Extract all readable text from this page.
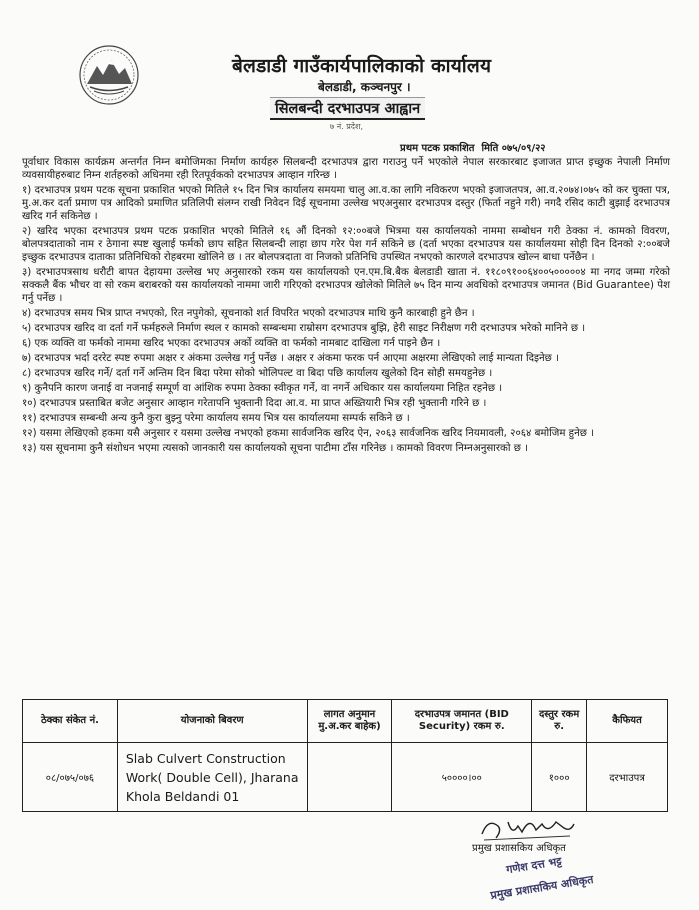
बेलडाडी गाउँकार्यपालिकाको कार्यालय
बेलडाडी, कञ्चनपुर ।
सिलबन्दी दरभाउपत्र आह्वान
७ नं. प्रदेश,
प्रथम पटक प्रकाशित मिति ०७५/०९/२२

पूर्वाधार विकास कार्यक्रम अन्तर्गत निम्न बमोजिमका निर्माण कार्यहरु सिलबन्दी दरभाउपत्र द्वारा गराउनु पर्ने भएकोले नेपाल सरकारबाट इजाजत प्राप्त इच्छुक नेपाली निर्माण व्यवसायीहरुबाट निम्न शर्तहरुको अधिनमा रही रितपूर्वकको दरभाउपत्र आव्हान गरिन्छ ।

१) दरभाउपत्र प्रथम पटक सूचना प्रकाशित भएको मितिले १५ दिन भित्र कार्यालय समयमा चालु आ.व.का लागि नविकरण भएको इजाजतपत्र, आ.व.२०७४।०७५ को कर चुक्ता पत्र, मु.अ.कर दर्ता प्रमाण पत्र आदिको प्रमाणित प्रतिलिपी संलग्न राखी निवेदन दिई सूचनामा उल्लेख भएअनुसार दरभाउपत्र दस्तुर (फिर्ता नहुने गरी) नगदै रसिद काटी बुझाई दरभाउपत्र खरिद गर्न सकिनेछ ।

२) खरिद भएका दरभाउपत्र प्रथम पटक प्रकाशित भएको मितिले १६ औं दिनको १२:००बजे भित्रमा यस कार्यालयको नाममा सम्बोधन गरी ठेक्का नं. कामको विवरण, बोलपत्रदाताको नाम र ठेगाना स्पष्ट खुलाई फर्मको छाप सहित सिलबन्दी लाहा छाप गरेर पेश गर्न सकिने छ (दर्ता भएका दरभाउपत्र यस कार्यालयमा सोही दिन दिनको २:००बजे इच्छुक दरभाउपत्र दाताका प्रतिनिधिको रोहबरमा खोलिने छ । तर बोलपत्रदाता वा निजको प्रतिनिधि उपस्थित नभएको कारणले दरभाउपत्र खोल्न बाधा पर्नेछैन ।

३) दरभाउपत्रसाथ धरौटी बापत देहायमा उल्लेख भए अनुसारको रकम यस कार्यालयको एन.एम.बि.बैक बेलडाडी खाता नं. ११८०९१००६४००५०००००४ मा नगद जम्मा गरेको सक्कलै बैंक भौचर वा सो रकम बराबरको यस कार्यालयको नाममा जारी गरिएको दरभाउपत्र खोलेको मितिले ७५ दिन मान्य अवधिको दरभाउपत्र जमानत (Bid Guarantee) पेश गर्नु पर्नेछ ।

४) दरभाउपत्र समय भित्र प्राप्त नभएको, रित नपुगेको, सूचनाको शर्त विपरित भएको दरभाउपत्र माथि कुनै कारबाही हुने छैन ।

५) दरभाउपत्र खरिद वा दर्ता गर्ने फर्महरुले निर्माण स्थल र कामको सम्बन्धमा राम्रोसग दरभाउपत्र बुझि, हेरी साइट निरीक्षण गरी दरभाउपत्र भरेको मानिने छ ।

६) एक व्यक्ति वा फर्मको नाममा खरिद भएका दरभाउपत्र अर्को व्यक्ति वा फर्मको नामबाट दाखिला गर्न पाइने छैन ।

७) दरभाउपत्र भर्दा दररेट स्पष्ट रुपमा अक्षर र अंकमा उल्लेख गर्नु पर्नेछ । अक्षर र अंकमा फरक पर्न आएमा अक्षरमा लेखिएको लाई मान्यता दिइनेछ ।

८) दरभाउपत्र खरिद गर्ने/ दर्ता गर्ने अन्तिम दिन बिदा परेमा सोको भोलिपल्ट वा बिदा पछि कार्यालय खुलेको दिन सोही समयहुनेछ ।

९) कुनैपनि कारण जनाई वा नजनाई सम्पूर्ण वा आंशिक रुपमा ठेक्का स्वीकृत गर्ने, वा नगर्ने अधिकार यस कार्यालयमा निहित रहनेछ ।

१०) दरभाउपत्र प्रस्ताबित बजेट अनुसार आव्हान गरेतापनि भुक्तानी दिदा आ.व. मा प्राप्त अख्तियारी भित्र रही भुक्तानी गरिने छ ।

११) दरभाउपत्र सम्बन्धी अन्य कुनै कुरा बुझ्नु परेमा कार्यालय समय भित्र यस कार्यालयमा सम्पर्क सकिने छ ।

१२) यसमा लेखिएको हकमा यसै अनुसार र यसमा उल्लेख नभएको हकमा सार्वजनिक खरिद ऐन, २०६३ सार्वजनिक खरिद नियमावली, २०६४ बमोजिम हुनेछ ।

१३) यस सूचनामा कुनै संशोधन भएमा त्यसको जानकारी यस कार्यालयको सूचना पाटीमा टाँस गरिनेछ । कामको विवरण निम्नअनुसारको छ ।

ठेक्का संकेत नं.	योजनाको बिवरण	लागत अनुमान मु.अ.कर बाहेक)	दरभाउपत्र जमानत (BID Security) रकम रु.	दस्तुर रकम रु.	कैफियत
०८/०७५/०७६	Slab Culvert Construction Work( Double Cell), Jharana Khola Beldandi 01		५००००।००	१०००	दरभाउपत्र
प्रमुख प्रशासकिय अधिकृत
गणेश दत्त भट्ट
प्रमुख प्रशासकिय अधिकृत
